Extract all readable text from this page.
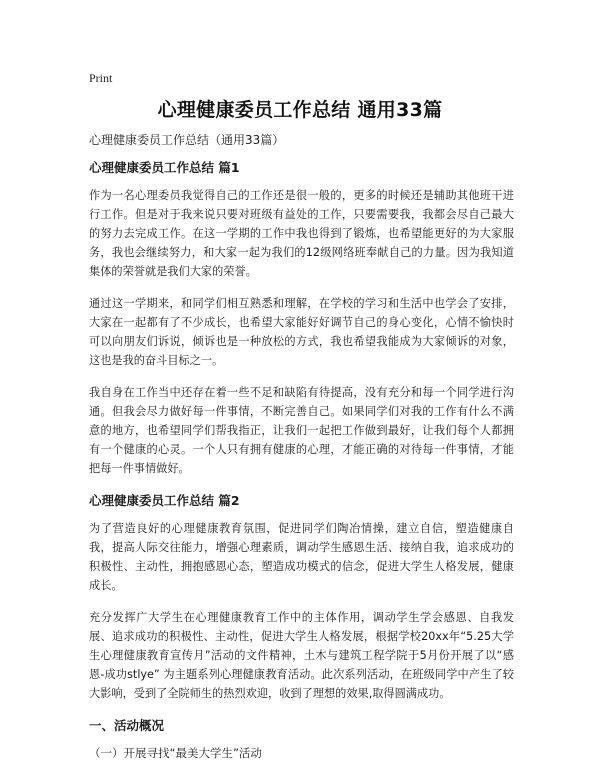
Print
心理健康委员工作总结 通用33篇

心理健康委员工作总结（通用33篇）

心理健康委员工作总结 篇1

作为一名心理委员我觉得自己的工作还是很一般的，更多的时候还是辅助其他班干进行工作。但是对于我来说只要对班级有益处的工作，只要需要我，我都会尽自己最大的努力去完成工作。在这一学期的工作中我也得到了锻炼，也希望能更好的为大家服务，我也会继续努力，和大家一起为我们的12级网络班奉献自己的力量。因为我知道集体的荣誉就是我们大家的荣誉。

通过这一学期来，和同学们相互熟悉和理解，在学校的学习和生活中也学会了安排，大家在一起都有了不少成长，也希望大家能好好调节自己的身心变化，心情不愉快时可以向朋友们诉说，倾诉也是一种放松的方式，我也希望我能成为大家倾诉的对象，这也是我的奋斗目标之一。

我自身在工作当中还存在着一些不足和缺陷有待提高，没有充分和每一个同学进行沟通。但我会尽力做好每一件事情，不断完善自己。如果同学们对我的工作有什么不满意的地方，也希望同学们帮我指正，让我们一起把工作做到最好，让我们每个人都拥有一个健康的心灵。一个人只有拥有健康的心理，才能正确的对待每一件事情，才能把每一件事情做好。

心理健康委员工作总结 篇2

为了营造良好的心理健康教育氛围，促进同学们陶冶情操，建立自信，塑造健康自我，提高人际交往能力，增强心理素质，调动学生感恩生活、接纳自我，追求成功的积极性、主动性，拥抱感恩心态，塑造成功模式的信念，促进大学生人格发展，健康成长。

充分发挥广大学生在心理健康教育工作中的主体作用，调动学生学会感恩、自我发展、追求成功的积极性、主动性，促进大学生人格发展，根据学校20xx年“5.25大学生心理健康教育宣传月”活动的文件精神，土木与建筑工程学院于5月份开展了以“感恩-成功stlye” 为主题系列心理健康教育活动。此次系列活动，在班级同学中产生了较大影响，受到了全院师生的热烈欢迎，收到了理想的效果,取得圆满成功。

一、活动概况

（一）开展寻找“最美大学生”活动
